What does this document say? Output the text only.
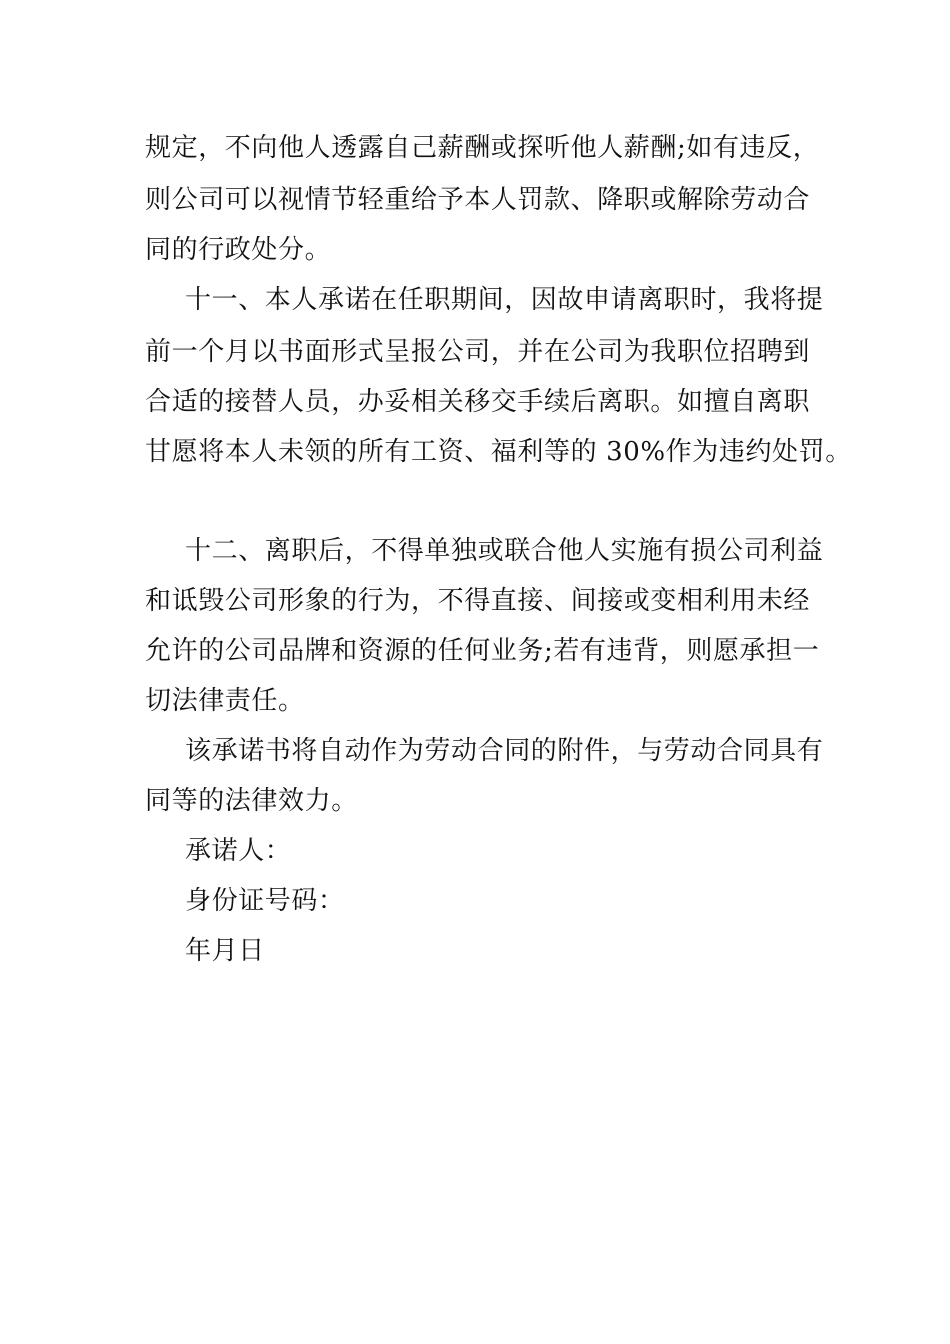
规定，不向他人透露自己薪酬或探听他人薪酬;如有违反，
则公司可以视情节轻重给予本人罚款、降职或解除劳动合
同的行政处分。
十一、本人承诺在任职期间，因故申请离职时，我将提
前一个月以书面形式呈报公司，并在公司为我职位招聘到
合适的接替人员，办妥相关移交手续后离职。如擅自离职
甘愿将本人未领的所有工资、福利等的 30%作为违约处罚。
十二、离职后，不得单独或联合他人实施有损公司利益
和诋毁公司形象的行为，不得直接、间接或变相利用未经
允许的公司品牌和资源的任何业务;若有违背，则愿承担一
切法律责任。
该承诺书将自动作为劳动合同的附件，与劳动合同具有
同等的法律效力。
承诺人：
身份证号码：
年月日
